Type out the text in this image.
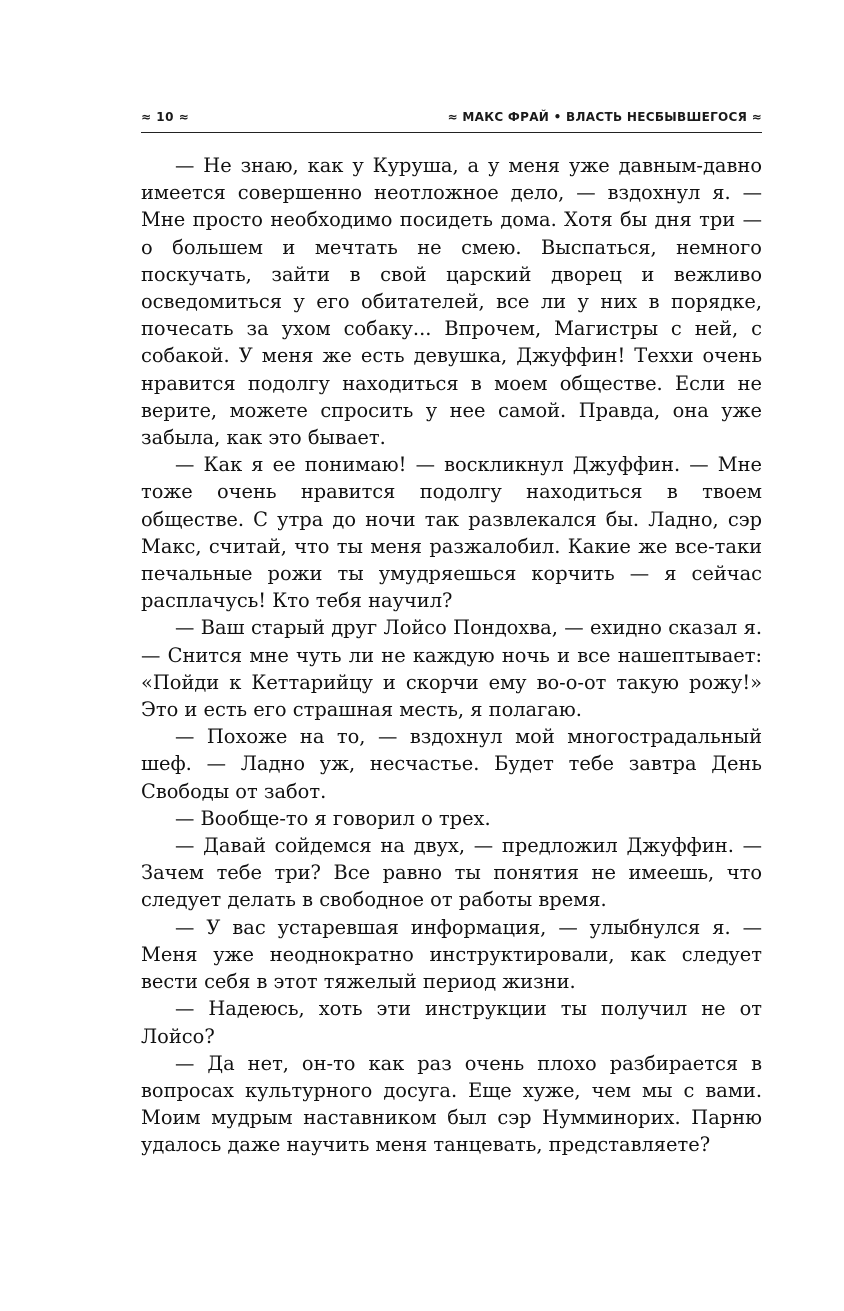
≈ 10 ≈	≈ МАКС ФРАЙ • ВЛАСТЬ НЕСБЫВШЕГОСЯ ≈

— Не знаю, как у Куруша, а у меня уже давным-давно имеется совершенно неотложное дело, — вздохнул я. — Мне просто необходимо посидеть дома. Хотя бы дня три — о большем и мечтать не смею. Выспаться, немного поскучать, зайти в свой царский дворец и вежливо осведомиться у его обитателей, все ли у них в порядке, почесать за ухом собаку... Впрочем, Магистры с ней, с собакой. У меня же есть девушка, Джуффин! Теххи очень нравится подолгу находиться в моем обществе. Если не верите, можете спросить у нее самой. Правда, она уже забыла, как это бывает.

— Как я ее понимаю! — воскликнул Джуффин. — Мне тоже очень нравится подолгу находиться в твоем обществе. С утра до ночи так развлекался бы. Ладно, сэр Макс, считай, что ты меня разжалобил. Какие же все-таки печальные рожи ты умудряешься корчить — я сейчас расплачусь! Кто тебя научил?

— Ваш старый друг Лойсо Пондохва, — ехидно сказал я. — Снится мне чуть ли не каждую ночь и все нашептывает: «Пойди к Кеттарийцу и скорчи ему во-о-от такую рожу!» Это и есть его страшная месть, я полагаю.

— Похоже на то, — вздохнул мой многострадальный шеф. — Ладно уж, несчастье. Будет тебе завтра День Свободы от забот.

— Вообще-то я говорил о трех.

— Давай сойдемся на двух, — предложил Джуффин. — Зачем тебе три? Все равно ты понятия не имеешь, что следует делать в свободное от работы время.

— У вас устаревшая информация, — улыбнулся я. — Меня уже неоднократно инструктировали, как следует вести себя в этот тяжелый период жизни.

— Надеюсь, хоть эти инструкции ты получил не от Лойсо?

— Да нет, он-то как раз очень плохо разбирается в вопросах культурного досуга. Еще хуже, чем мы с вами. Моим мудрым наставником был сэр Нумминорих. Парню удалось даже научить меня танцевать, представляете?
